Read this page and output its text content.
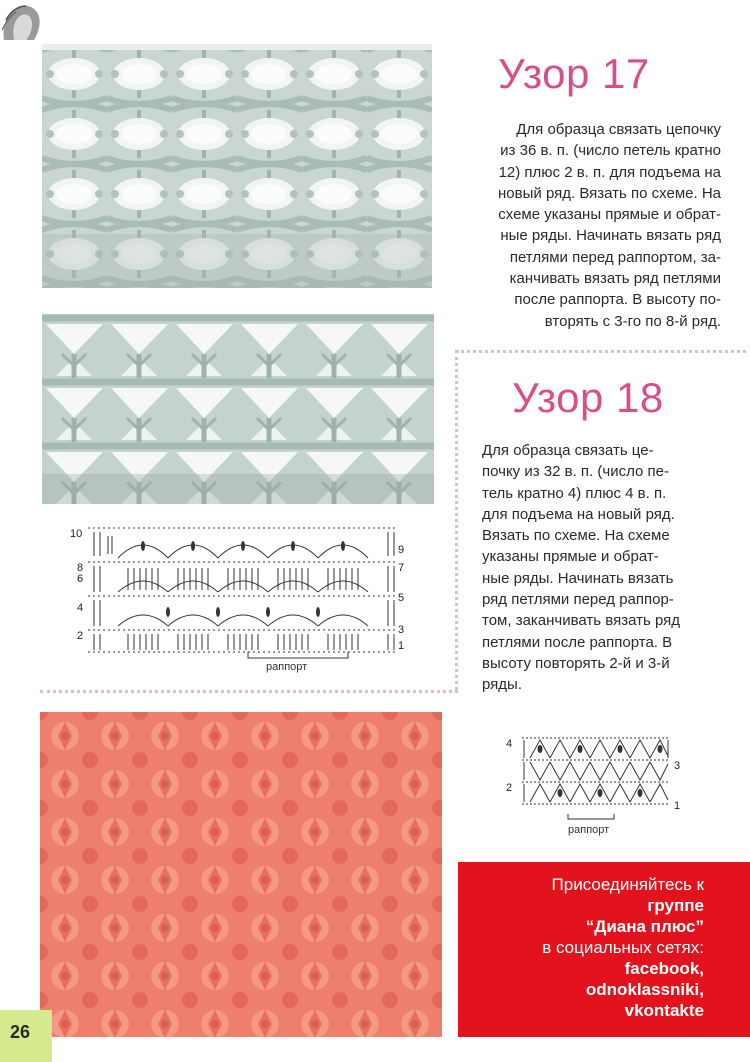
Узор 17

Для образца связать цепочку

из 36 в. п. (число петель кратно

12) плюс 2 в. п. для подъема на

новый ряд. Вязать по схеме. На

схеме указаны прямые и обрат-

ные ряды. Начинать вязать ряд

петлями перед раппортом, за-

канчивать вязать ряд петлями

после раппорта. В высоту по-

вторять с 3-го по 8-й ряд.

Узор 18

Для образца связать це-

почку из 32 в. п. (число пе-

тель кратно 4) плюс 4 в. п.

для подъема на новый ряд.

Вязать по схеме. На схеме

указаны прямые и обрат-

ные ряды. Начинать вязать

ряд петлями перед раппор-

том, заканчивать вязать ряд

петлями после раппорта. В

высоту повторять 2-й и 3-й

ряды.

раппорт
10
8
6
4
2
9
7
5
3
1
раппорт
4
2
3
1
Присоединяйтесь к
группе
“Диана плюс”
в социальных сетях:
facebook,
odnoklassniki,
vkontakte
26
